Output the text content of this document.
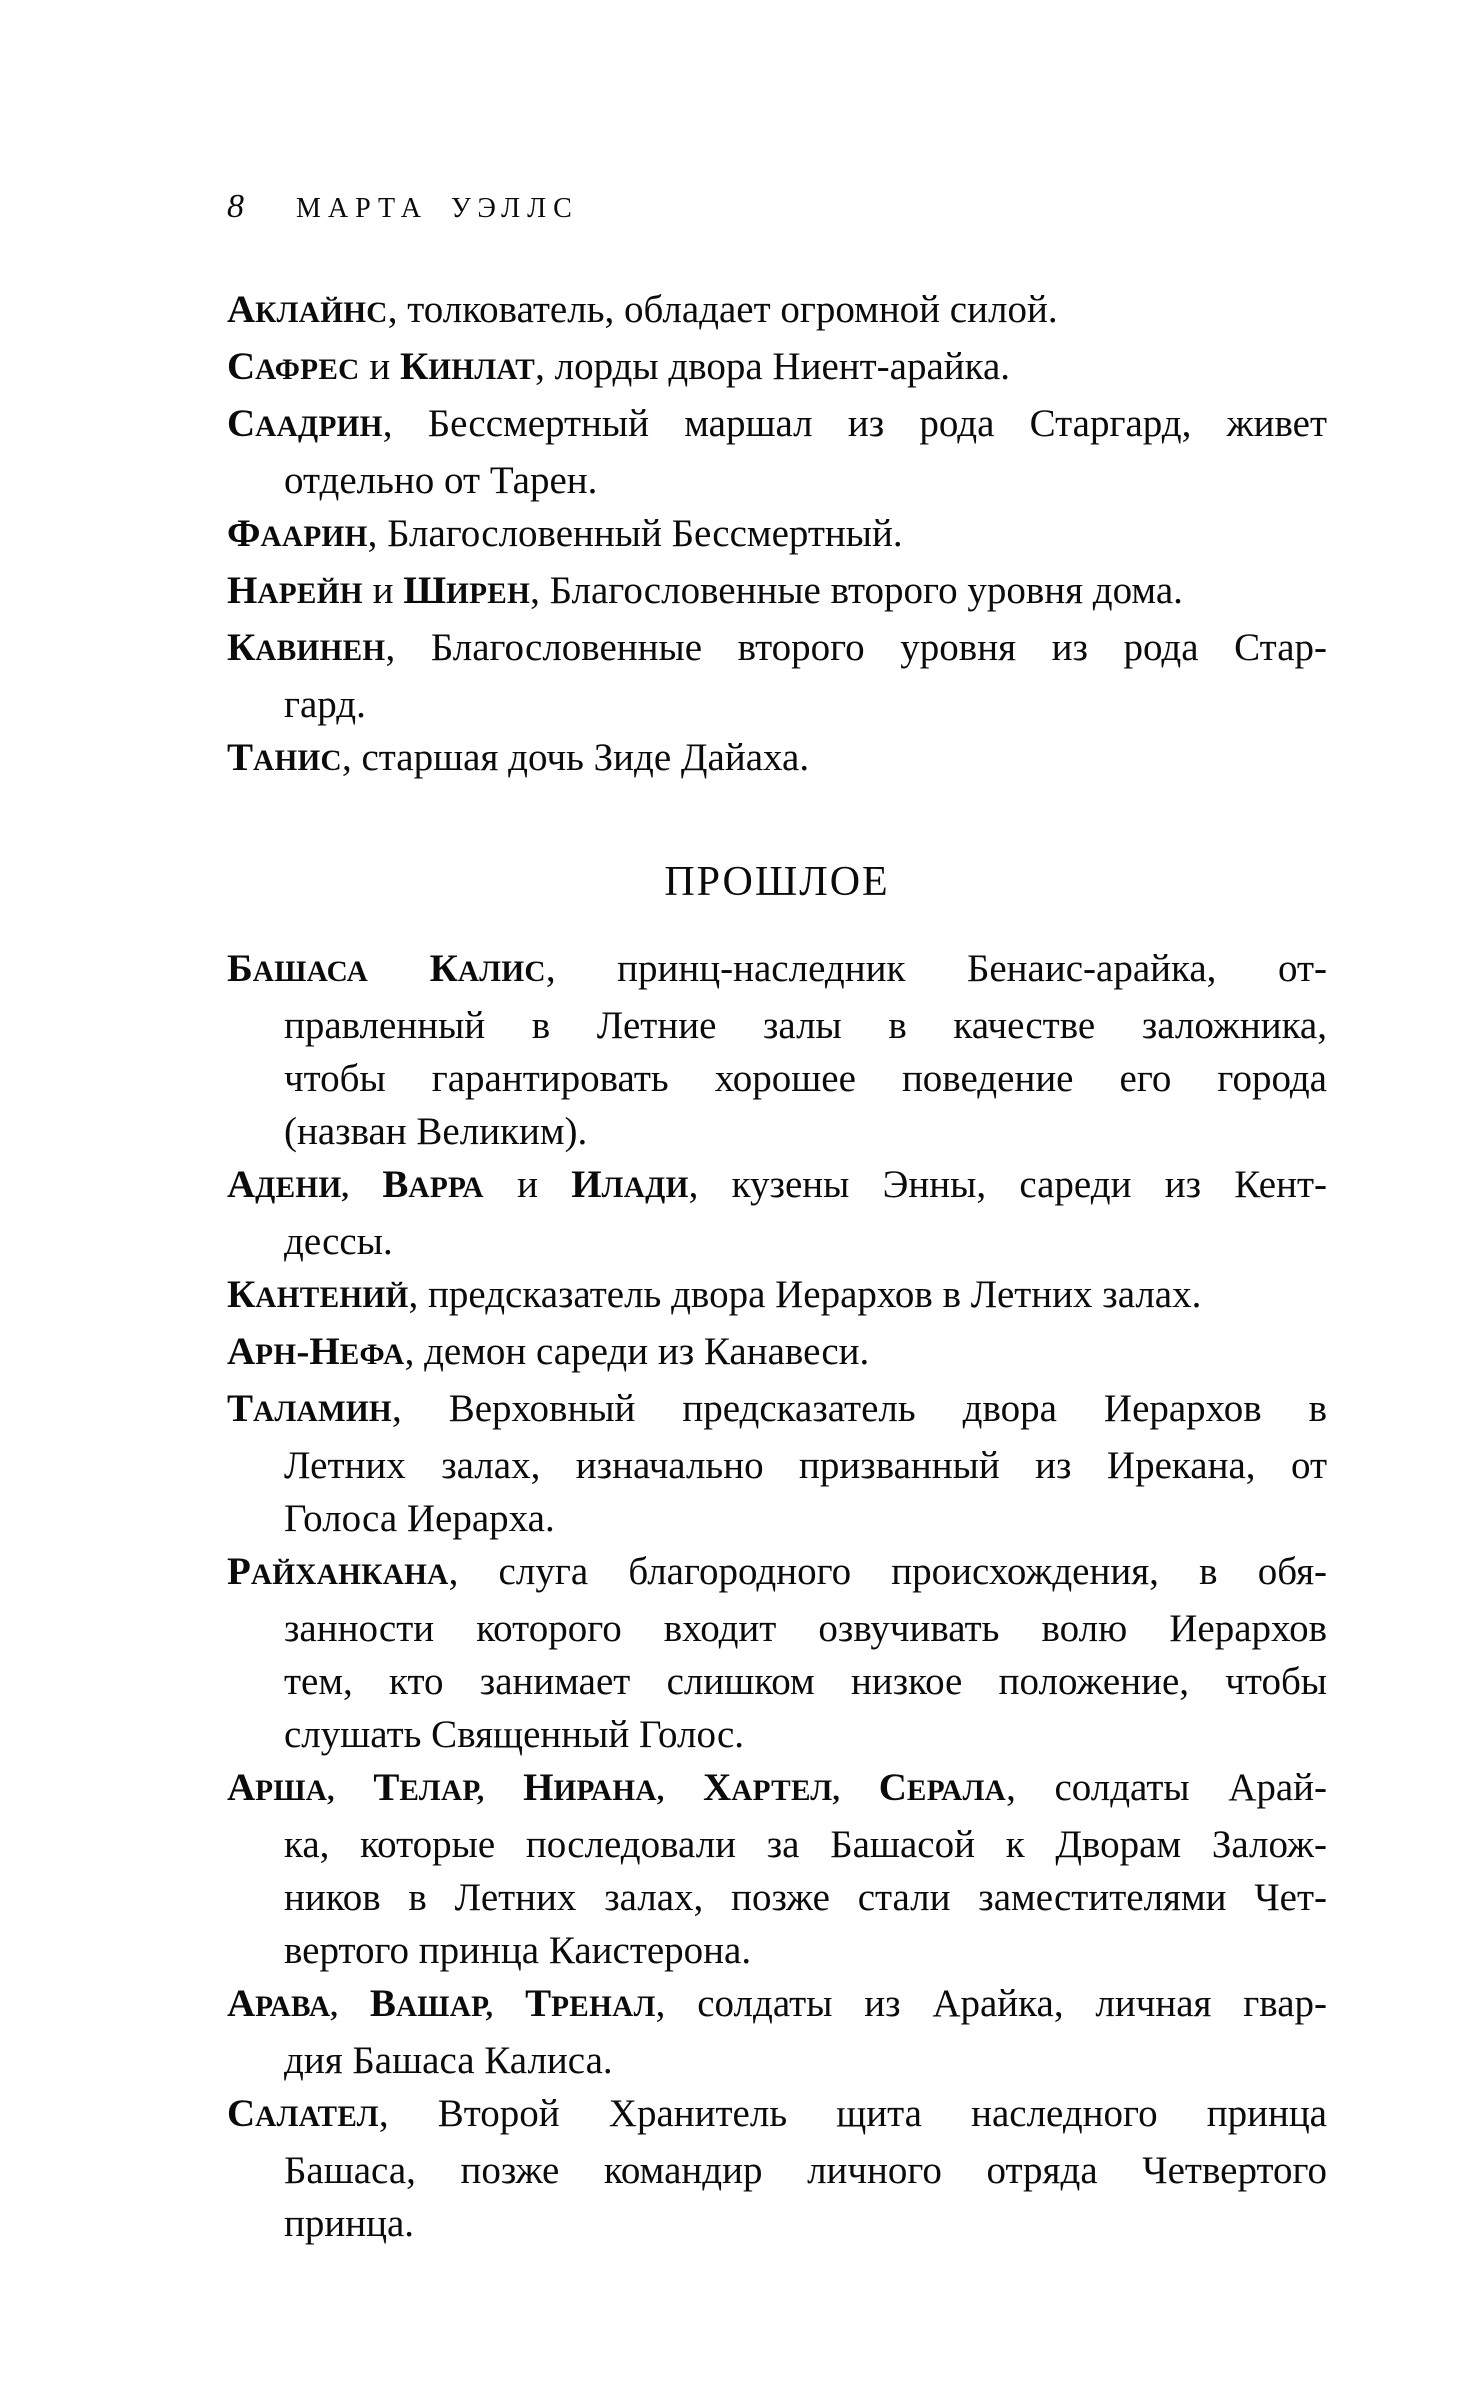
8 МАРТА УЭЛЛС
АКЛАЙНС, толкователь, обладает огромной силой.
САФРЕС и КИНЛАТ, лорды двора Ниент-арайка.
СААДРИН, Бессмертный маршал из рода Старгард, живет
отдельно от Тарен.
ФААРИН, Благословенный Бессмертный.
НАРЕЙН и ШИРЕН, Благословенные второго уровня дома.
КАВИНЕН, Благословенные второго уровня из рода Стар-
гард.
ТАНИС, старшая дочь Зиде Дайаха.
ПРОШЛОЕ
БАШАСА КАЛИС, принц-наследник Бенаис-арайка, от-
правленный в Летние залы в качестве заложника,
чтобы гарантировать хорошее поведение его города
(назван Великим).
АДЕНИ, ВАРРА и ИЛАДИ, кузены Энны, сареди из Кент-
дессы.
КАНТЕНИЙ, предсказатель двора Иерархов в Летних залах.
АРН-НЕФА, демон сареди из Канавеси.
ТАЛАМИН, Верховный предсказатель двора Иерархов в
Летних залах, изначально призванный из Ирекана, от
Голоса Иерарха.
РАЙХАНКАНА, слуга благородного происхождения, в обя-
занности которого входит озвучивать волю Иерархов
тем, кто занимает слишком низкое положение, чтобы
слушать Священный Голос.
АРША, ТЕЛАР, НИРАНА, ХАРТЕЛ, СЕРАЛА, солдаты Арай-
ка, которые последовали за Башасой к Дворам Залож-
ников в Летних залах, позже стали заместителями Чет-
вертого принца Каистерона.
АРАВА, ВАШАР, ТРЕНАЛ, солдаты из Арайка, личная гвар-
дия Башаса Калиса.
САЛАТЕЛ, Второй Хранитель щита наследного принца
Башаса, позже командир личного отряда Четвертого
принца.
